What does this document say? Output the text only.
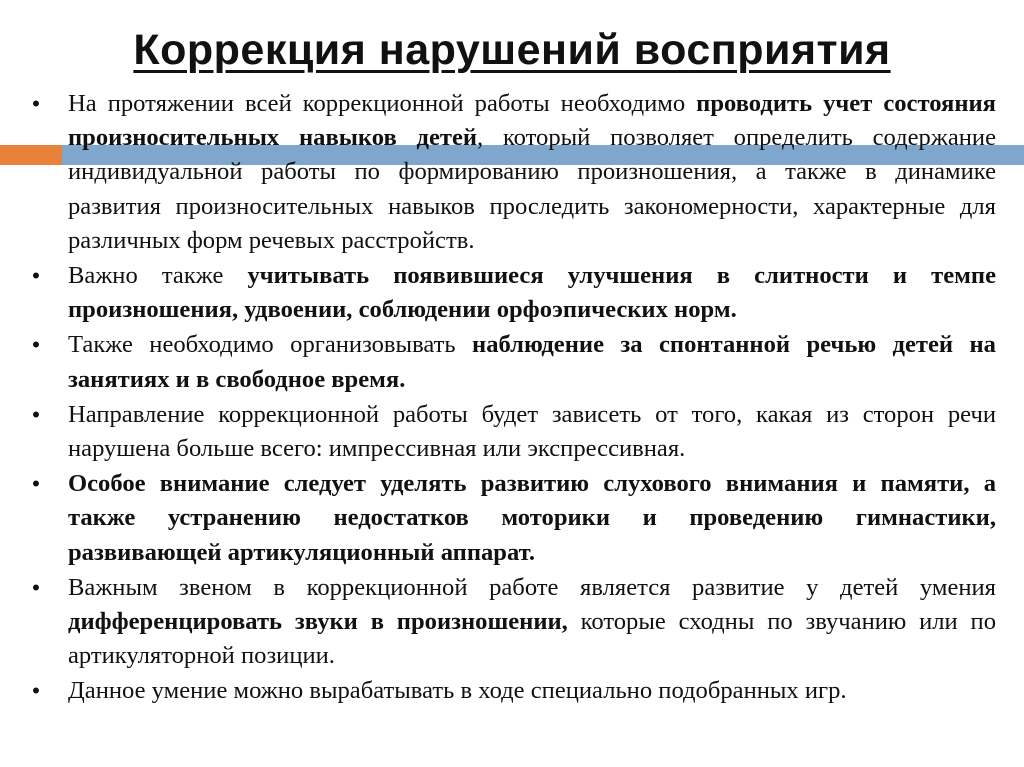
Коррекция нарушений восприятия
• На протяжении всей коррекционной работы необходимо проводить учет состояния произносительных навыков детей, который позволяет определить содержание индивидуальной работы по формированию произношения, а также в динамике развития произносительных навыков проследить закономерности, характерные для различных форм речевых расстройств.
• Важно также учитывать появившиеся улучшения в слитности и темпе произношения, удвоении, соблюдении орфоэпических норм.
• Также необходимо организовывать наблюдение за спонтанной речью детей на занятиях и в свободное время.
• Направление коррекционной работы будет зависеть от того, какая из сторон речи нарушена больше всего: импрессивная или экспрессивная.
• Особое внимание следует уделять развитию слухового внимания и памяти, а также устранению недостатков моторики и проведению гимнастики, развивающей артикуляционный аппарат.
• Важным звеном в коррекционной работе является развитие у детей умения дифференцировать звуки в произношении, которые сходны по звучанию или по артикуляторной позиции.
• Данное умение можно вырабатывать в ходе специально подобранных игр.
